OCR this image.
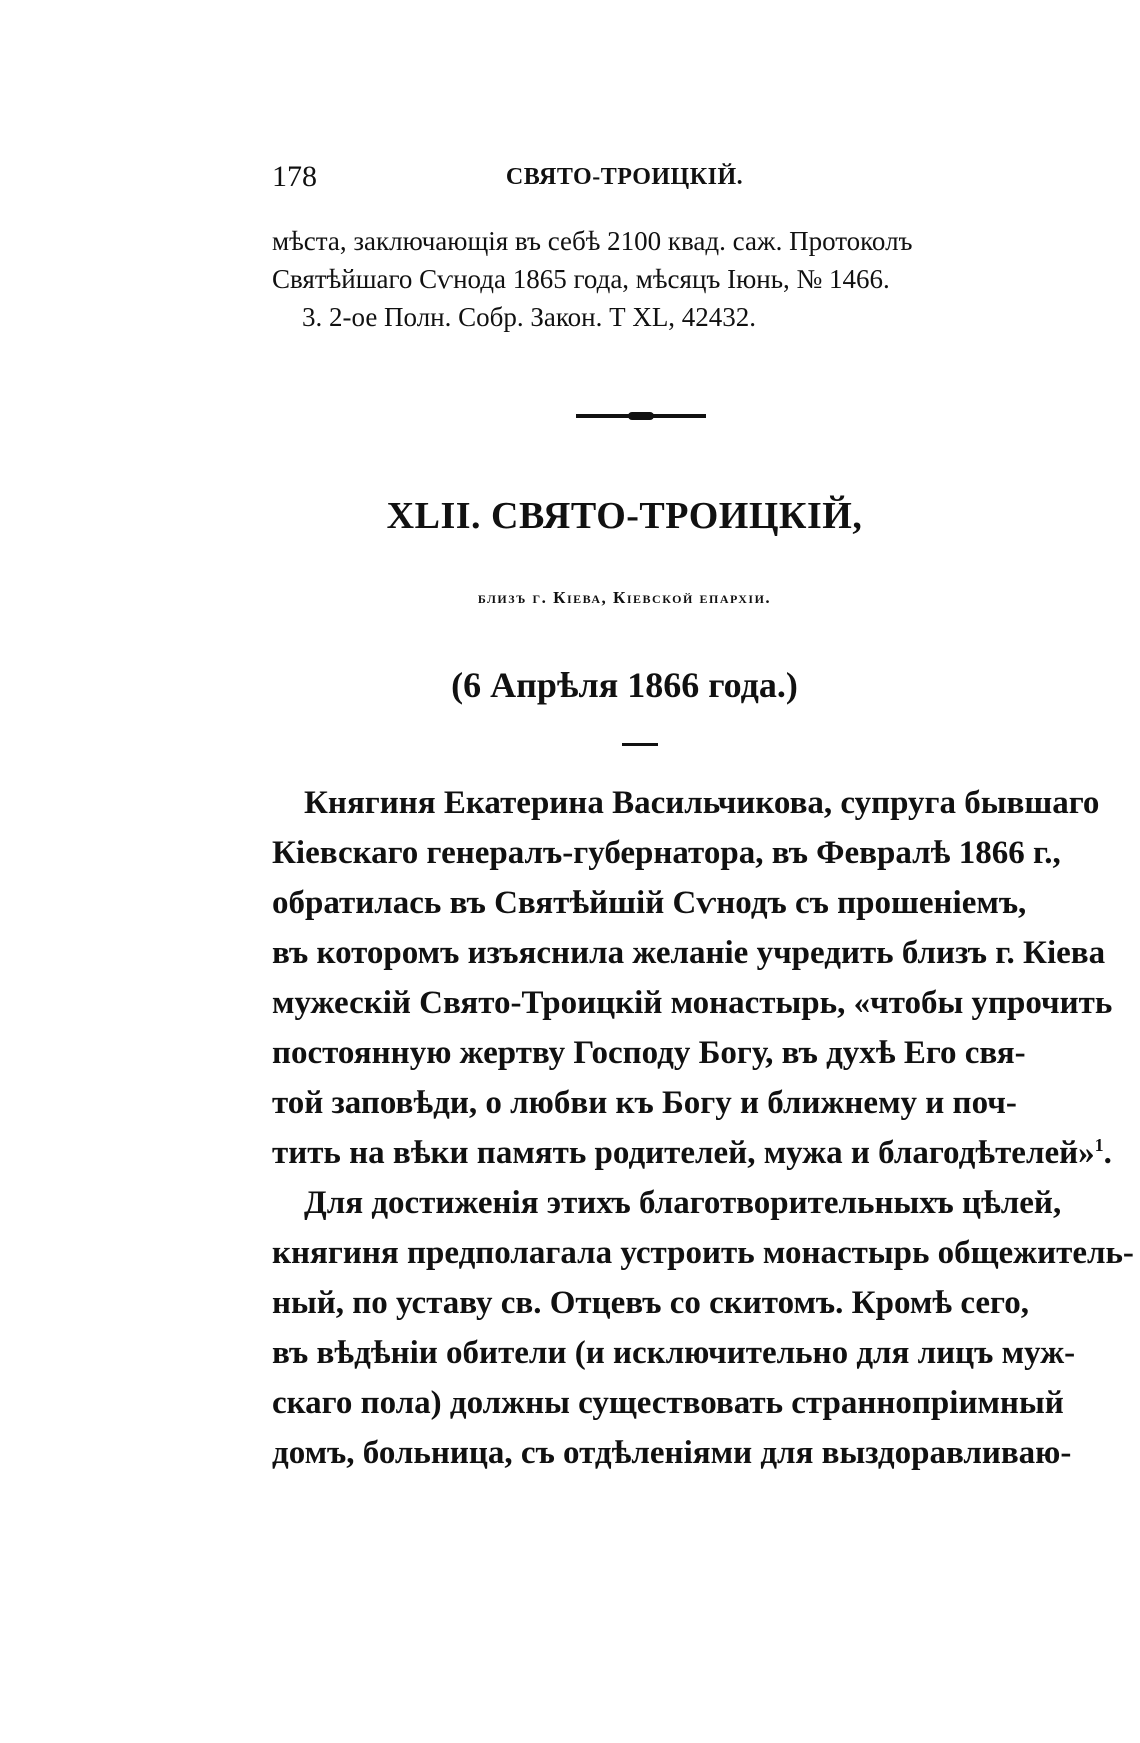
178	СВЯТО-ТРОИЦКІЙ.

мѣста, заключающія въ себѣ 2100 квад. саж. Протоколъ

Святѣйшаго Сѵнода 1865 года, мѣсяцъ Іюнь, № 1466.

3. 2-ое Полн. Собр. Закон. Т XL, 42432.

XLII. СВЯТО-ТРОИЦКІЙ,
близъ г. Кіева, Кіевской епархіи.
(6 Апрѣля 1866 года.)
Княгиня Екатерина Васильчикова, супруга бывшаго
Кіевскаго генералъ-губернатора, въ Февралѣ 1866 г.,
обратилась въ Святѣйшій Сѵнодъ съ прошеніемъ,
въ которомъ изъяснила желаніе учредить близъ г. Кіева
мужескій Свято-Троицкій монастырь, «чтобы упрочить
постоянную жертву Господу Богу, въ духѣ Его свя-
той заповѣди, о любви къ Богу и ближнему и поч-
тить на вѣки память родителей, мужа и благодѣтелей»$^1$.
Для достиженія этихъ благотворительныхъ цѣлей,
княгиня предполагала устроить монастырь общежитель-
ный, по уставу св. Отцевъ со скитомъ. Кромѣ сего,
въ вѣдѣніи обители (и исключительно для лицъ муж-
скаго пола) должны существовать страннопріимный
домъ, больница, съ отдѣленіями для выздоравливаю-
